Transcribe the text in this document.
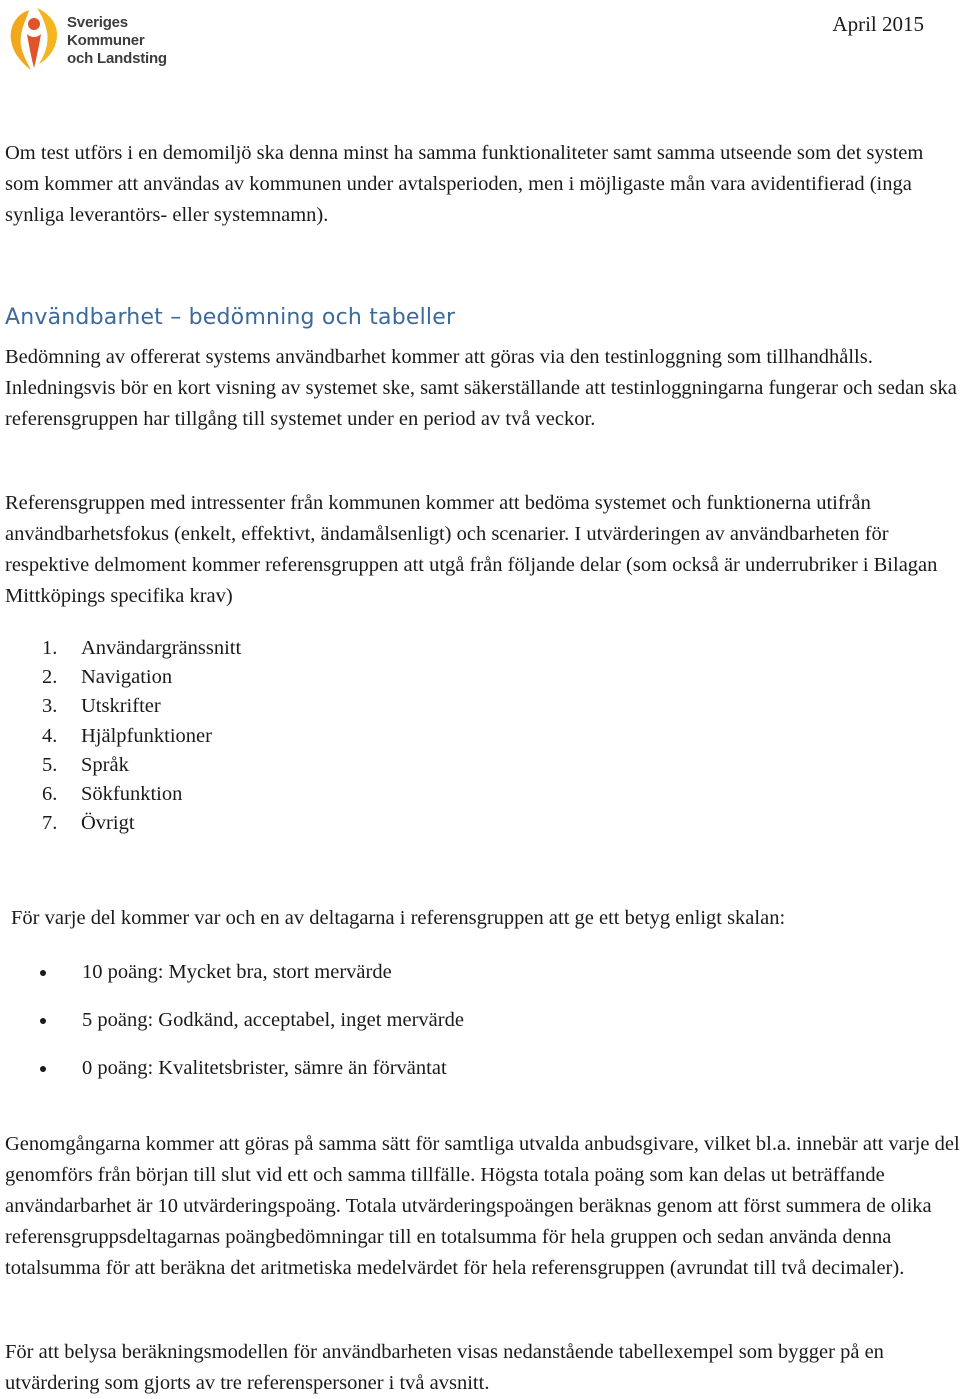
Sveriges
Kommuner
och Landsting
April 2015

Om test utförs i en demomiljö ska denna minst ha samma funktionaliteter samt samma utseende som det system som kommer att användas av kommunen under avtalsperioden, men i möjligaste mån vara avidentifierad (inga synliga leverantörs- eller systemnamn).

Användbarhet – bedömning och tabeller

Bedömning av offererat systems användbarhet kommer att göras via den testinloggning som tillhandhålls. Inledningsvis bör en kort visning av systemet ske, samt säkerställande att testinloggningarna fungerar och sedan ska referensgruppen har tillgång till systemet under en period av två veckor.

Referensgruppen med intressenter från kommunen kommer att bedöma systemet och funktionerna utifrån användbarhetsfokus (enkelt, effektivt, ändamålsenligt) och scenarier. I utvärderingen av användbarheten för respektive delmoment kommer referensgruppen att utgå från följande delar (som också är underrubriker i Bilagan Mittköpings specifika krav)

1.	Användargränssnitt
2.	Navigation
3.	Utskrifter
4.	Hjälpfunktioner
5.	Språk
6.	Sökfunktion
7.	Övrigt

För varje del kommer var och en av deltagarna i referensgruppen att ge ett betyg enligt skalan:

10 poäng: Mycket bra, stort mervärde
5 poäng: Godkänd, acceptabel, inget mervärde
0 poäng: Kvalitetsbrister, sämre än förväntat

Genomgångarna kommer att göras på samma sätt för samtliga utvalda anbudsgivare, vilket bl.a. innebär att varje del genomförs från början till slut vid ett och samma tillfälle. Högsta totala poäng som kan delas ut beträffande användarbarhet är 10 utvärderingspoäng. Totala utvärderingspoängen beräknas genom att först summera de olika referensgruppsdeltagarnas poängbedömningar till en totalsumma för hela gruppen och sedan använda denna totalsumma för att beräkna det aritmetiska medelvärdet för hela referensgruppen (avrundat till två decimaler).

För att belysa beräkningsmodellen för användbarheten visas nedanstående tabellexempel som bygger på en utvärdering som gjorts av tre referenspersoner i två avsnitt.
